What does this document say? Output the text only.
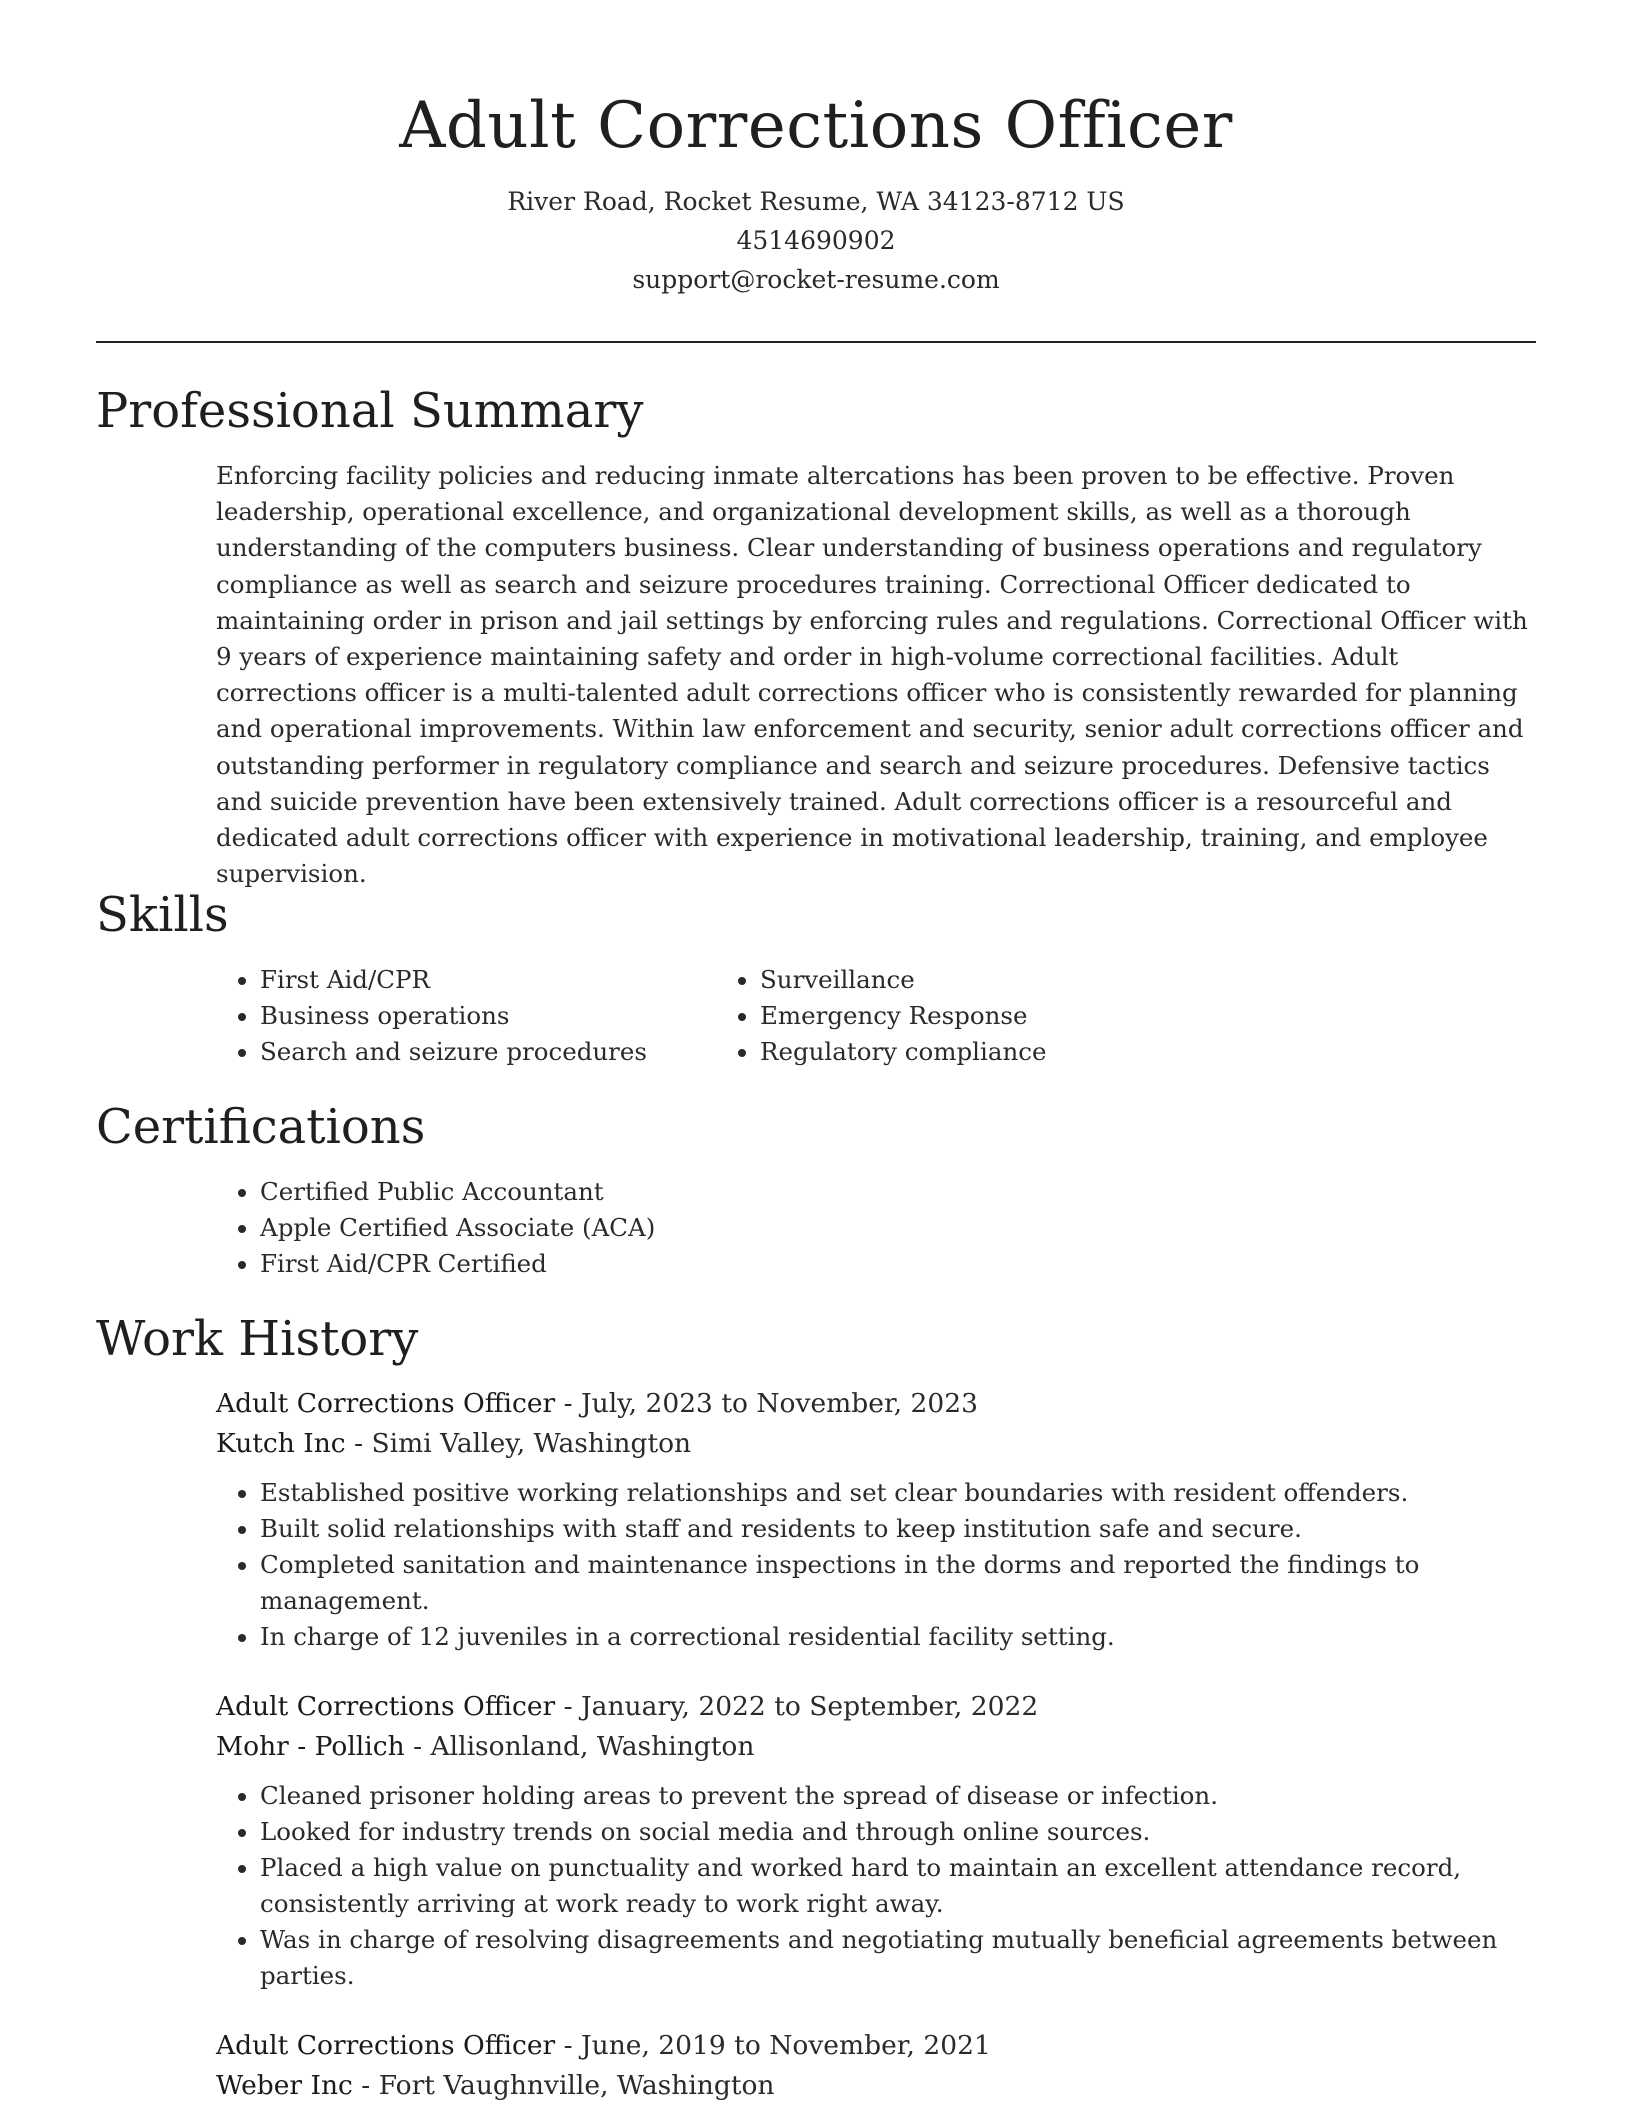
Adult Corrections Officer
River Road, Rocket Resume, WA 34123-8712 US
4514690902
support@rocket-resume.com
Professional Summary

Enforcing facility policies and reducing inmate altercations has been proven to be effective. Proven leadership, operational excellence, and organizational development skills, as well as a thorough understanding of the computers business. Clear understanding of business operations and regulatory compliance as well as search and seizure procedures training. Correctional Officer dedicated to maintaining order in prison and jail settings by enforcing rules and regulations. Correctional Officer with 9 years of experience maintaining safety and order in high-volume correctional facilities. Adult corrections officer is a multi-talented adult corrections officer who is consistently rewarded for planning and operational improvements. Within law enforcement and security, senior adult corrections officer and outstanding performer in regulatory compliance and search and seizure procedures. Defensive tactics and suicide prevention have been extensively trained. Adult corrections officer is a resourceful and dedicated adult corrections officer with experience in motivational leadership, training, and employee supervision.

Skills
• First Aid/CPR
• Business operations
• Search and seizure procedures
• Surveillance
• Emergency Response
• Regulatory compliance
Certifications
• Certified Public Accountant
• Apple Certified Associate (ACA)
• First Aid/CPR Certified
Work History
Adult Corrections Officer - July, 2023 to November, 2023
Kutch Inc - Simi Valley, Washington
• Established positive working relationships and set clear boundaries with resident offenders.
• Built solid relationships with staff and residents to keep institution safe and secure.
• Completed sanitation and maintenance inspections in the dorms and reported the findings to management.
• In charge of 12 juveniles in a correctional residential facility setting.
Adult Corrections Officer - January, 2022 to September, 2022
Mohr - Pollich - Allisonland, Washington
• Cleaned prisoner holding areas to prevent the spread of disease or infection.
• Looked for industry trends on social media and through online sources.
• Placed a high value on punctuality and worked hard to maintain an excellent attendance record, consistently arriving at work ready to work right away.
• Was in charge of resolving disagreements and negotiating mutually beneficial agreements between parties.
Adult Corrections Officer - June, 2019 to November, 2021
Weber Inc - Fort Vaughnville, Washington
